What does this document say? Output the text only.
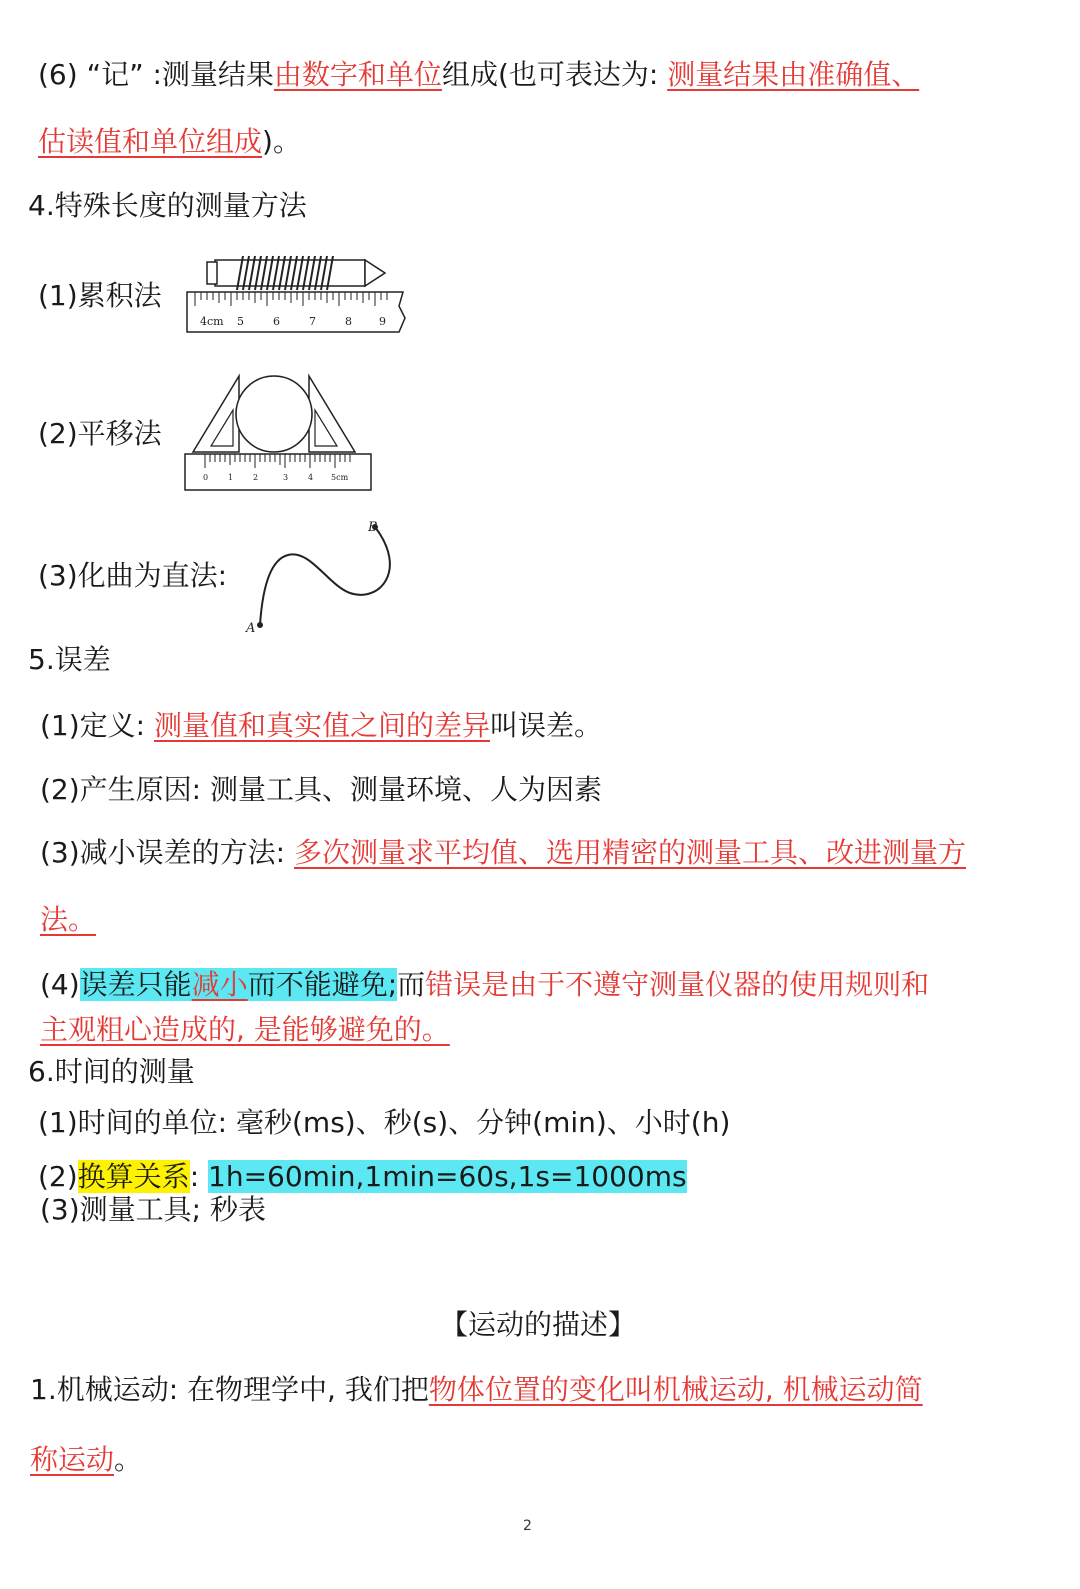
(6) “记” :测量结果由数字和单位组成(也可表达为: 测量结果由准确值、
估读值和单位组成)。
4.特殊长度的测量方法
(1)累积法
4cm 5	6	7	8 9
(2)平移法
0 1 2	3 4 5cm
(3)化曲为直法:
A
B
5.误差
(1)定义: 测量值和真实值之间的差异叫误差。
(2)产生原因: 测量工具、测量环境、人为因素
(3)减小误差的方法: 多次测量求平均值、选用精密的测量工具、改进测量方
法。
(4)误差只能减小而不能避免;而错误是由于不遵守测量仪器的使用规则和
主观粗心造成的, 是能够避免的。
6.时间的测量
(1)时间的单位: 毫秒(ms)、秒(s)、分钟(min)、小时(h)
(2)换算关系: 1h=60min,1min=60s,1s=1000ms
(3)测量工具; 秒表
【运动的描述】
1.机械运动: 在物理学中, 我们把物体位置的变化叫机械运动, 机械运动简
称运动。
2
